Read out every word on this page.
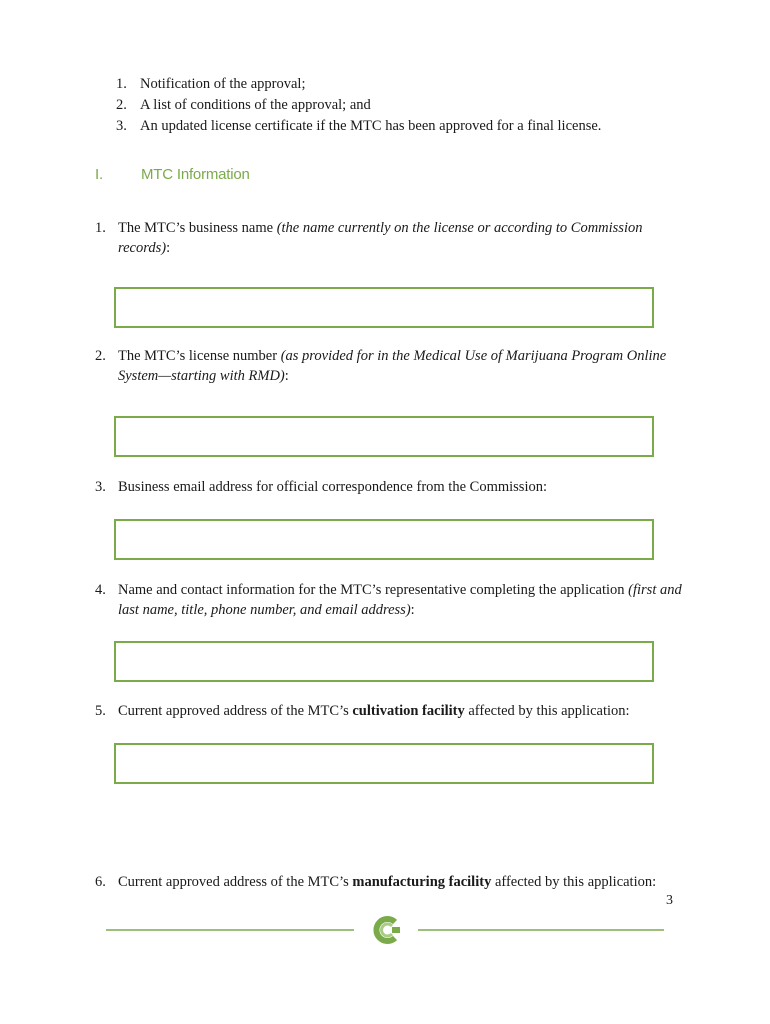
1. Notification of the approval;
2. A list of conditions of the approval; and
3. An updated license certificate if the MTC has been approved for a final license.
I.	MTC Information
1. The MTC’s business name (the name currently on the license or according to Commission records):
2. The MTC’s license number (as provided for in the Medical Use of Marijuana Program Online System—starting with RMD):
3. Business email address for official correspondence from the Commission:
4. Name and contact information for the MTC’s representative completing the application (first and last name, title, phone number, and email address):
5. Current approved address of the MTC’s cultivation facility affected by this application:
6. Current approved address of the MTC’s manufacturing facility affected by this application:
3
